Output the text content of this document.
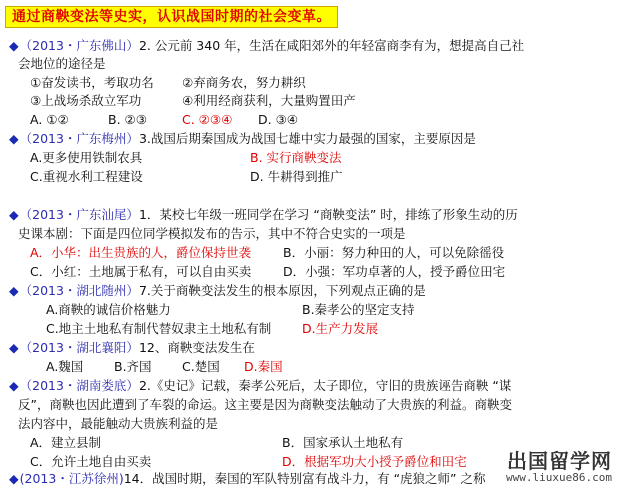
通过商鞅变法等史实，认识战国时期的社会变革。
◆（2013・广东佛山）2. 公元前 340 年，生活在咸阳郊外的年轻富商李有为，想提高自己社
会地位的途径是
①奋发读书，考取功名 ②弃商务农，努力耕织
③上战场杀敌立军功	④利用经商获利，大量购置田产
A. ①②	B. ②③	C. ②③④ D. ③④
◆（2013・广东梅州）3.战国后期秦国成为战国七雄中实力最强的国家，主要原因是
A.更多使用铁制农具	B. 实行商鞅变法
C.重视水利工程建设	D. 牛耕得到推广
◆（2013・广东汕尾）1．某校七年级一班同学在学习 “商鞅变法” 时，排练了形象生动的历
史课本剧：下面是四位同学模拟发布的告示，其中不符合史实的一项是
A．小华：出生贵族的人，爵位保持世袭	B．小丽：努力种田的人，可以免除徭役
C．小红：土地属于私有，可以自由买卖	D．小强：军功卓著的人，授予爵位田宅
◆（2013・湖北随州）7.关于商鞅变法发生的根本原因，下列观点正确的是
A.商鞅的诚信价格魅力	B.秦孝公的坚定支持
C.地主土地私有制代替奴隶主土地私有制 D.生产力发展
◆（2013・湖北襄阳）12、商鞅变法发生在
A.魏国 B.齐国 C.楚国 D.秦国
◆（2013・湖南娄底）2.《史记》记载，秦孝公死后，太子即位，守旧的贵族诬告商鞅 “谋
反”，商鞅也因此遭到了车裂的命运。这主要是因为商鞅变法触动了大贵族的利益。商鞅变
法内容中，最能触动大贵族利益的是
A．建立县制	B．国家承认土地私有
C．允许土地自由买卖	D．根据军功大小授予爵位和田宅
◆(2013・江苏徐州)14．战国时期，秦国的军队特别富有战斗力，有 “虎狼之师” 之称
出国留学网
www.liuxue86.com
